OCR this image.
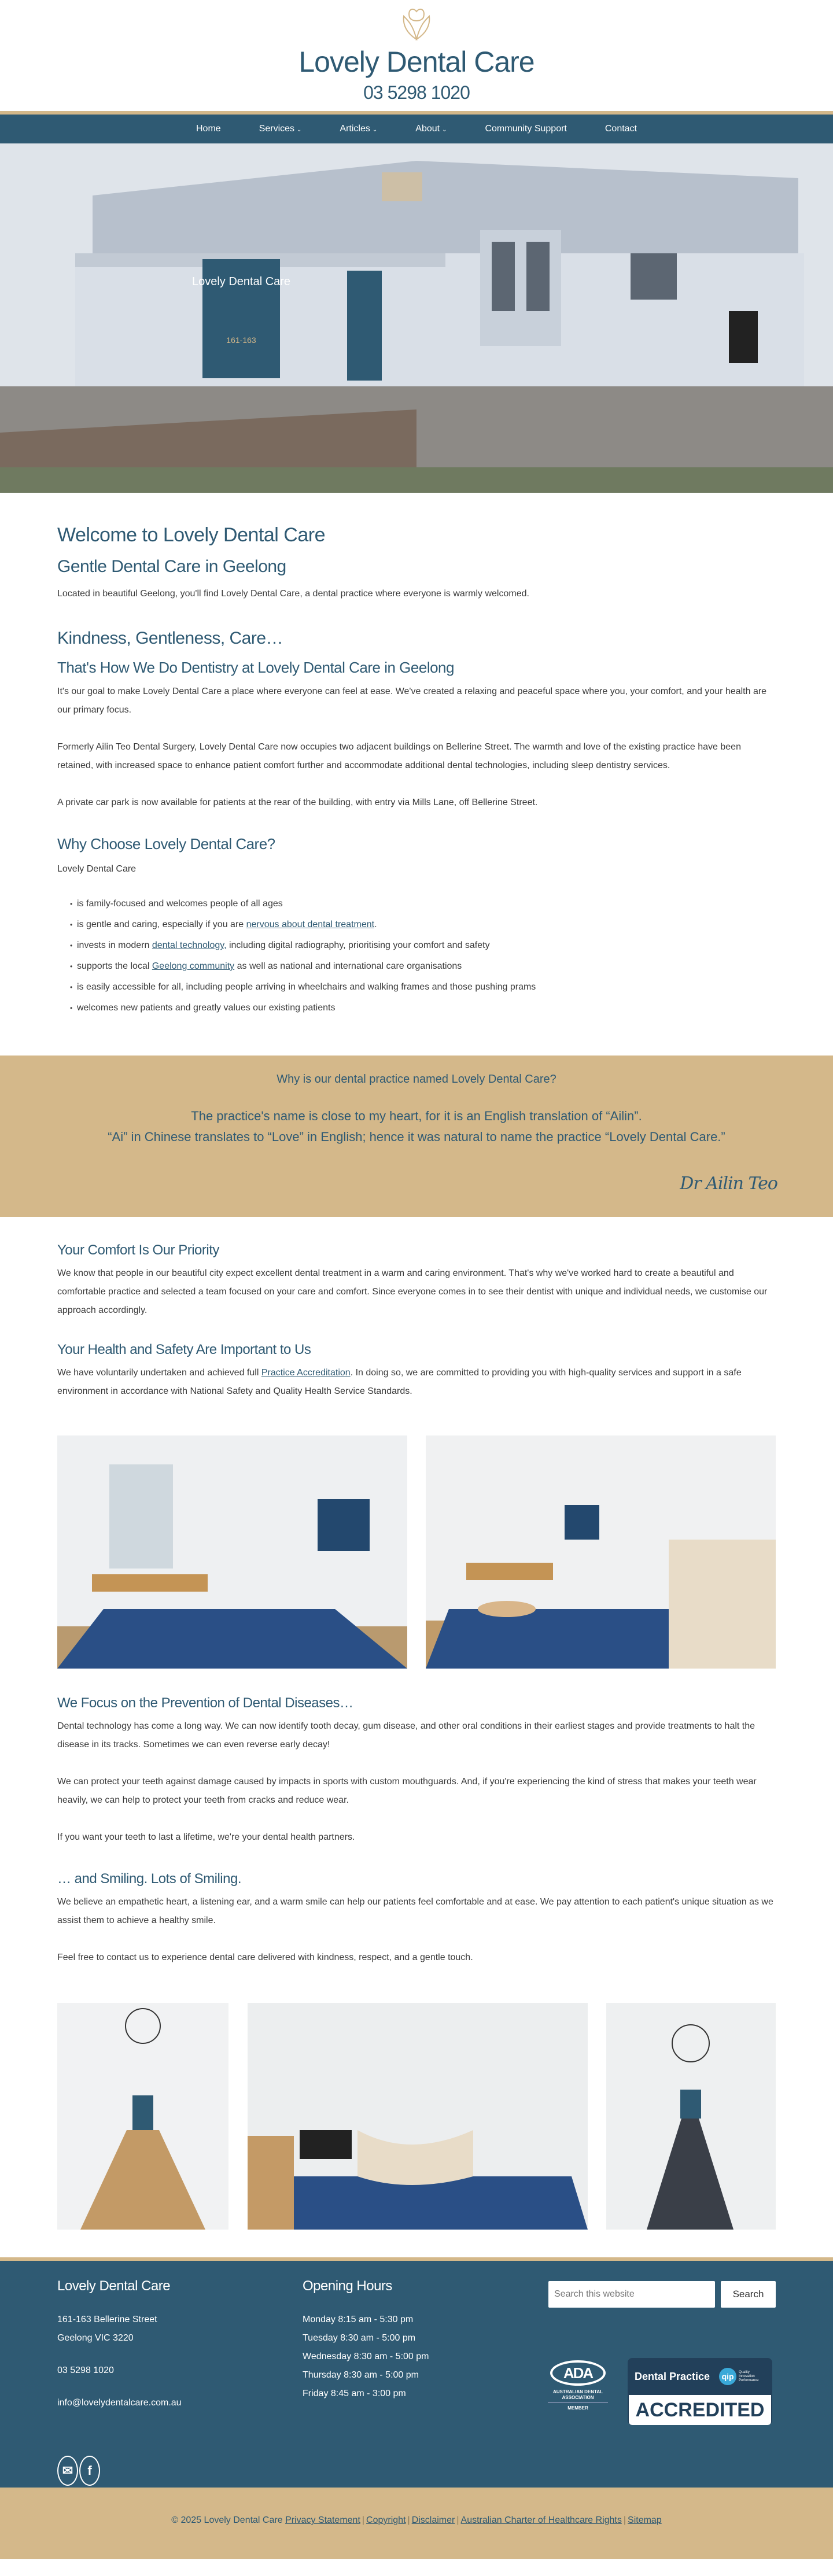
Lovely Dental Care
03 5298 1020
Home	Services ⌄	Articles ⌄	About ⌄	Community Support	Contact
Lovely Dental Care
161-163
Welcome to Lovely Dental Care
Gentle Dental Care in Geelong

Located in beautiful Geelong, you'll find Lovely Dental Care, a dental practice where everyone is warmly welcomed.

Kindness, Gentleness, Care…
That's How We Do Dentistry at Lovely Dental Care in Geelong

It's our goal to make Lovely Dental Care a place where everyone can feel at ease. We've created a relaxing and peaceful space where you, your comfort, and your health are our primary focus.

Formerly Ailin Teo Dental Surgery, Lovely Dental Care now occupies two adjacent buildings on Bellerine Street. The warmth and love of the existing practice have been retained, with increased space to enhance patient comfort further and accommodate additional dental technologies, including sleep dentistry services.

A private car park is now available for patients at the rear of the building, with entry via Mills Lane, off Bellerine Street.

Why Choose Lovely Dental Care?

Lovely Dental Care

• is family-focused and welcomes people of all ages
• is gentle and caring, especially if you are nervous about dental treatment.
• invests in modern dental technology, including digital radiography, prioritising your comfort and safety
• supports the local Geelong community as well as national and international care organisations
• is easily accessible for all, including people arriving in wheelchairs and walking frames and those pushing prams
• welcomes new patients and greatly values our existing patients
Why is our dental practice named Lovely Dental Care?
The practice's name is close to my heart, for it is an English translation of “Ailin”.
“Ai” in Chinese translates to “Love” in English; hence it was natural to name the practice “Lovely Dental Care.”
Dr Ailin Teo
Your Comfort Is Our Priority

We know that people in our beautiful city expect excellent dental treatment in a warm and caring environment. That's why we've worked hard to create a beautiful and comfortable practice and selected a team focused on your care and comfort. Since everyone comes in to see their dentist with unique and individual needs, we customise our approach accordingly.

Your Health and Safety Are Important to Us

We have voluntarily undertaken and achieved full Practice Accreditation. In doing so, we are committed to providing you with high-quality services and support in a safe environment in accordance with National Safety and Quality Health Service Standards.

We Focus on the Prevention of Dental Diseases…

Dental technology has come a long way. We can now identify tooth decay, gum disease, and other oral conditions in their earliest stages and provide treatments to halt the disease in its tracks. Sometimes we can even reverse early decay!

We can protect your teeth against damage caused by impacts in sports with custom mouthguards. And, if you're experiencing the kind of stress that makes your teeth wear heavily, we can help to protect your teeth from cracks and reduce wear.

If you want your teeth to last a lifetime, we're your dental health partners.

… and Smiling. Lots of Smiling.

We believe an empathetic heart, a listening ear, and a warm smile can help our patients feel comfortable and at ease. We pay attention to each patient's unique situation as we assist them to achieve a healthy smile.

Feel free to contact us to experience dental care delivered with kindness, respect, and a gentle touch.

Lovely Dental Care
161-163 Bellerine Street
Geelong VIC 3220
03 5298 1020
info@lovelydentalcare.com.au
Opening Hours
Monday 8:15 am - 5:30 pm
Tuesday 8:30 am - 5:00 pm
Wednesday 8:30 am - 5:00 pm
Thursday 8:30 am - 5:00 pm
Friday 8:45 am - 3:00 pm
Search this website
Search
ADA
AUSTRALIAN DENTAL
ASSOCIATION
MEMBER
Dental Practice	qip	Quality Innovation Performance
ACCREDITED
✉	f
© 2025 Lovely Dental Care Privacy Statement | Copyright | Disclaimer | Australian Charter of Healthcare Rights | Sitemap
